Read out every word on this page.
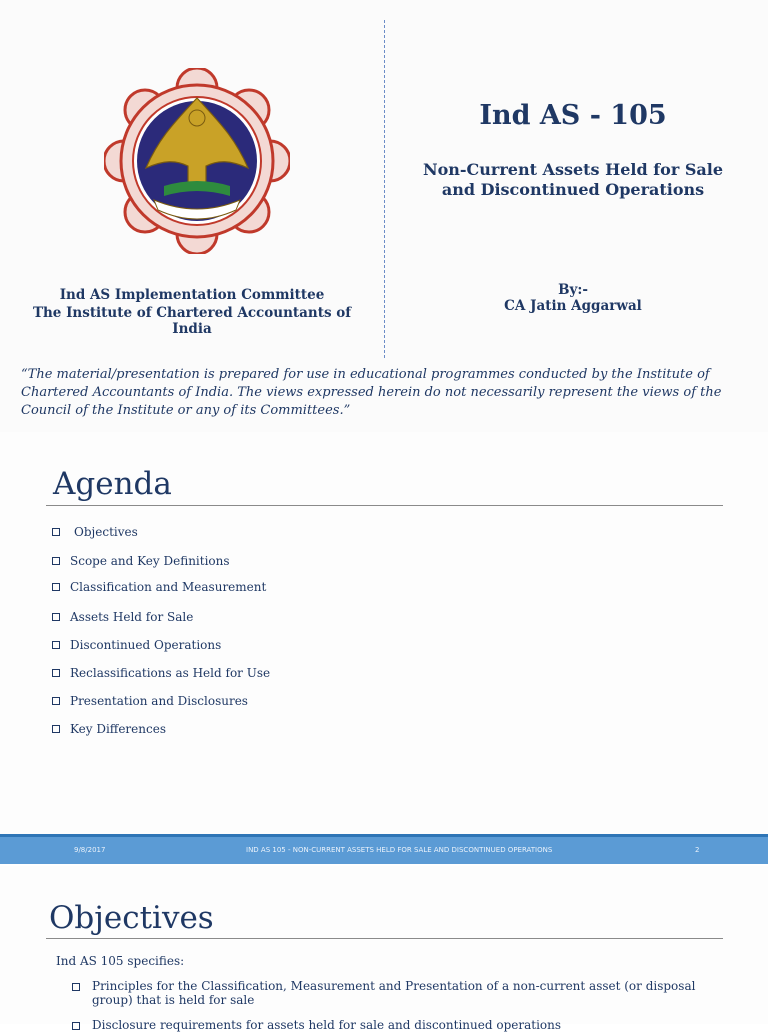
Ind AS Implementation Committee
The Institute of Chartered Accountants of India
Ind AS - 105
Non-Current Assets Held for Sale
and Discontinued Operations
By:-
CA Jatin Aggarwal
“The material/presentation is prepared for use in educational programmes conducted by the Institute of Chartered Accountants of India. The views expressed herein do not necessarily represent the views of the Council of the Institute or any of its Committees.”
Agenda
Objectives
Scope and Key Definitions
Classification and Measurement
Assets Held for Sale
Discontinued Operations
Reclassifications as Held for Use
Presentation and Disclosures
Key Differences
9/8/2017	IND AS 105 - NON-CURRENT ASSETS HELD FOR SALE AND DISCONTINUED OPERATIONS	2
Objectives
Ind AS 105 specifies:
Principles for the Classification, Measurement and Presentation of a non-current asset (or disposal group) that is held for sale
Disclosure requirements for assets held for sale and discontinued operations
